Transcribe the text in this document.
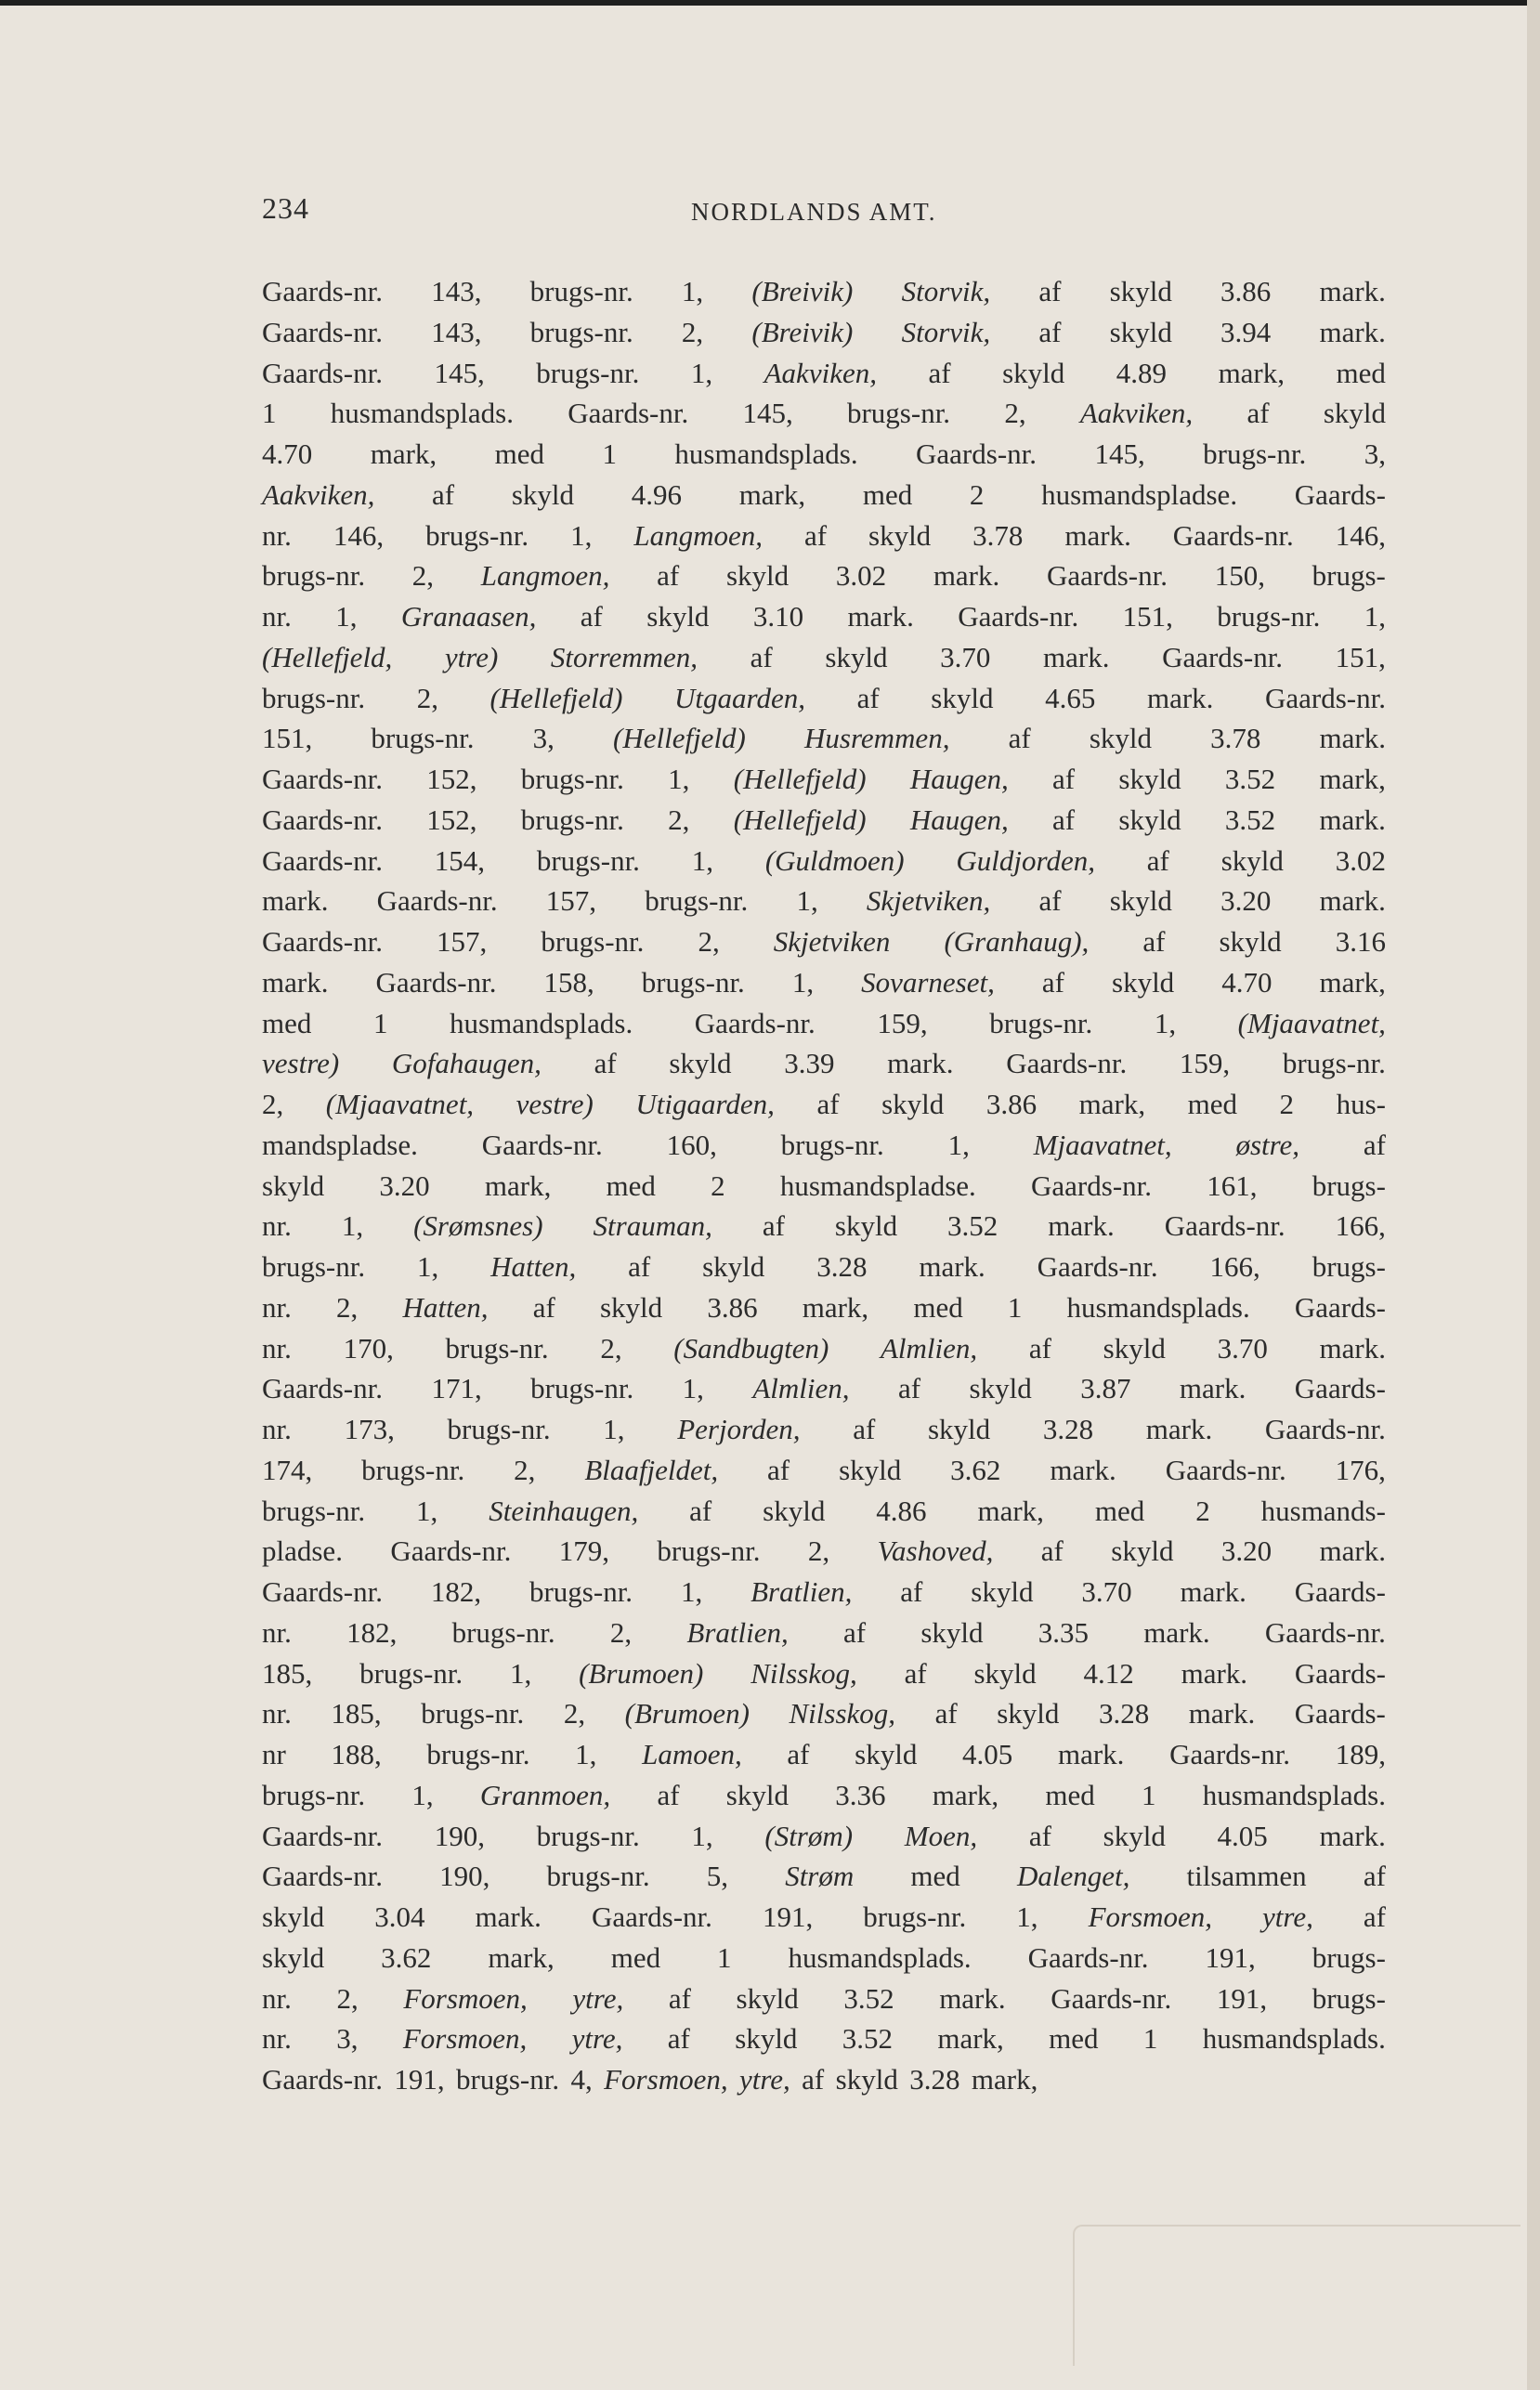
234	NORDLANDS AMT.
Gaards-nr. 143, brugs-nr. 1, (Breivik) Storvik, af skyld 3.86 mark.
Gaards-nr. 143, brugs-nr. 2, (Breivik) Storvik, af skyld 3.94 mark.
Gaards-nr. 145, brugs-nr. 1, Aakviken, af skyld 4.89 mark, med
1 husmandsplads. Gaards-nr. 145, brugs-nr. 2, Aakviken, af skyld
4.70 mark, med 1 husmandsplads. Gaards-nr. 145, brugs-nr. 3,
Aakviken, af skyld 4.96 mark, med 2 husmandspladse. Gaards-
nr. 146, brugs-nr. 1, Langmoen, af skyld 3.78 mark. Gaards-nr. 146,
brugs-nr. 2, Langmoen, af skyld 3.02 mark. Gaards-nr. 150, brugs-
nr. 1, Granaasen, af skyld 3.10 mark. Gaards-nr. 151, brugs-nr. 1,
(Hellefjeld, ytre) Storremmen, af skyld 3.70 mark. Gaards-nr. 151,
brugs-nr. 2, (Hellefjeld) Utgaarden, af skyld 4.65 mark. Gaards-nr.
151, brugs-nr. 3, (Hellefjeld) Husremmen, af skyld 3.78 mark.
Gaards-nr. 152, brugs-nr. 1, (Hellefjeld) Haugen, af skyld 3.52 mark,
Gaards-nr. 152, brugs-nr. 2, (Hellefjeld) Haugen, af skyld 3.52 mark.
Gaards-nr. 154, brugs-nr. 1, (Guldmoen) Guldjorden, af skyld 3.02
mark. Gaards-nr. 157, brugs-nr. 1, Skjetviken, af skyld 3.20 mark.
Gaards-nr. 157, brugs-nr. 2, Skjetviken (Granhaug), af skyld 3.16
mark. Gaards-nr. 158, brugs-nr. 1, Sovarneset, af skyld 4.70 mark,
med 1 husmandsplads. Gaards-nr. 159, brugs-nr. 1, (Mjaavatnet,
vestre) Gofahaugen, af skyld 3.39 mark. Gaards-nr. 159, brugs-nr.
2, (Mjaavatnet, vestre) Utigaarden, af skyld 3.86 mark, med 2 hus-
mandspladse. Gaards-nr. 160, brugs-nr. 1, Mjaavatnet, østre, af
skyld 3.20 mark, med 2 husmandspladse. Gaards-nr. 161, brugs-
nr. 1, (Srømsnes) Strauman, af skyld 3.52 mark. Gaards-nr. 166,
brugs-nr. 1, Hatten, af skyld 3.28 mark. Gaards-nr. 166, brugs-
nr. 2, Hatten, af skyld 3.86 mark, med 1 husmandsplads. Gaards-
nr. 170, brugs-nr. 2, (Sandbugten) Almlien, af skyld 3.70 mark.
Gaards-nr. 171, brugs-nr. 1, Almlien, af skyld 3.87 mark. Gaards-
nr. 173, brugs-nr. 1, Perjorden, af skyld 3.28 mark. Gaards-nr.
174, brugs-nr. 2, Blaafjeldet, af skyld 3.62 mark. Gaards-nr. 176,
brugs-nr. 1, Steinhaugen, af skyld 4.86 mark, med 2 husmands-
pladse. Gaards-nr. 179, brugs-nr. 2, Vashoved, af skyld 3.20 mark.
Gaards-nr. 182, brugs-nr. 1, Bratlien, af skyld 3.70 mark. Gaards-
nr. 182, brugs-nr. 2, Bratlien, af skyld 3.35 mark. Gaards-nr.
185, brugs-nr. 1, (Brumoen) Nilsskog, af skyld 4.12 mark. Gaards-
nr. 185, brugs-nr. 2, (Brumoen) Nilsskog, af skyld 3.28 mark. Gaards-
nr 188, brugs-nr. 1, Lamoen, af skyld 4.05 mark. Gaards-nr. 189,
brugs-nr. 1, Granmoen, af skyld 3.36 mark, med 1 husmandsplads.
Gaards-nr. 190, brugs-nr. 1, (Strøm) Moen, af skyld 4.05 mark.
Gaards-nr. 190, brugs-nr. 5, Strøm med Dalenget, tilsammen af
skyld 3.04 mark. Gaards-nr. 191, brugs-nr. 1, Forsmoen, ytre, af
skyld 3.62 mark, med 1 husmandsplads. Gaards-nr. 191, brugs-
nr. 2, Forsmoen, ytre, af skyld 3.52 mark. Gaards-nr. 191, brugs-
nr. 3, Forsmoen, ytre, af skyld 3.52 mark, med 1 husmandsplads.
Gaards-nr. 191, brugs-nr. 4, Forsmoen, ytre, af skyld 3.28 mark,
